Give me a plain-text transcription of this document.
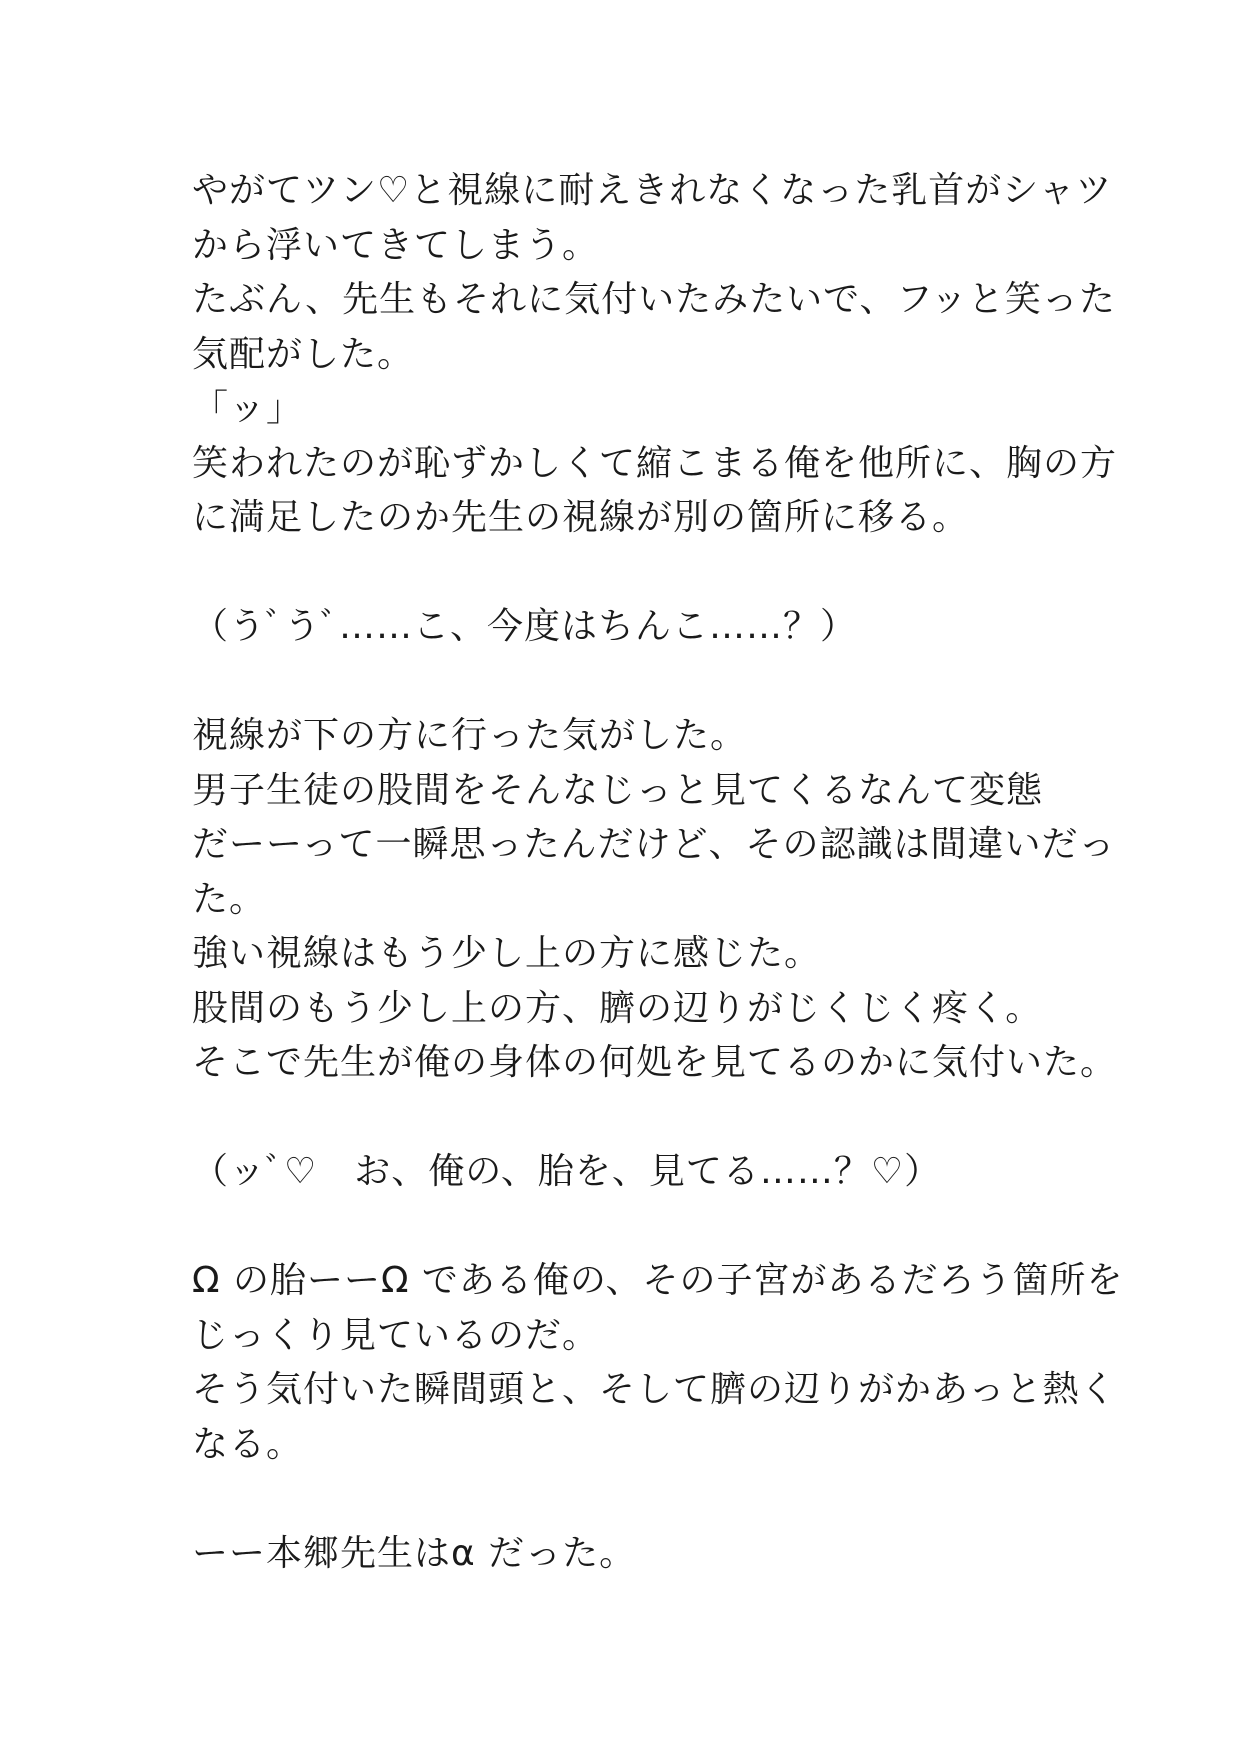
やがてツン♡と視線に耐えきれなくなった乳首がシャツ
から浮いてきてしまう。
たぶん、先生もそれに気付いたみたいで、フッと笑った
気配がした。
「ッ」
笑われたのが恥ずかしくて縮こまる俺を他所に、胸の方
に満足したのか先生の視線が別の箇所に移る。
（うﾞうﾞ……こ、今度はちんこ……？）
視線が下の方に行った気がした。
男子生徒の股間をそんなじっと見てくるなんて変態
だーーって一瞬思ったんだけど、その認識は間違いだっ
た。
強い視線はもう少し上の方に感じた。
股間のもう少し上の方、臍の辺りがじくじく疼く。
そこで先生が俺の身体の何処を見てるのかに気付いた。
（ッﾞ♡　お、俺の、胎を、見てる……？♡）
Ω の胎ーーΩ である俺の、その子宮があるだろう箇所を
じっくり見ているのだ。
そう気付いた瞬間頭と、そして臍の辺りがかあっと熱く
なる。
ーー本郷先生はα だった。
